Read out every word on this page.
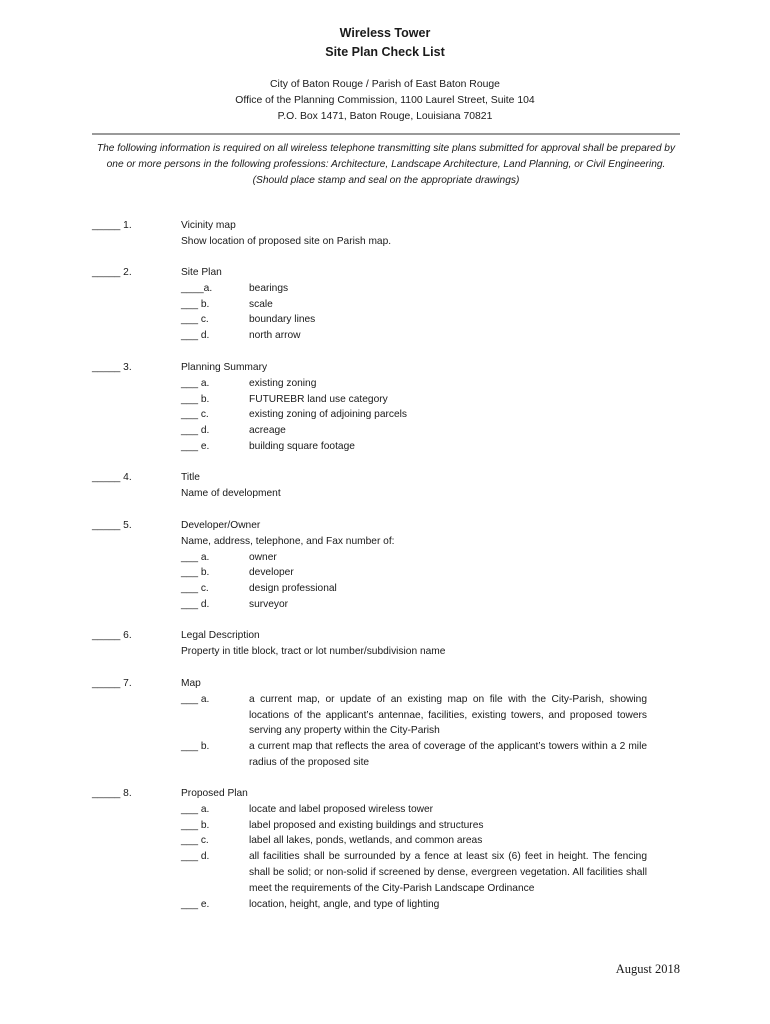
Wireless Tower
Site Plan Check List
City of Baton Rouge / Parish of East Baton Rouge
Office of the Planning Commission, 1100 Laurel Street, Suite 104
P.O. Box 1471, Baton Rouge, Louisiana 70821
The following information is required on all wireless telephone transmitting site plans submitted for approval shall be prepared by one or more persons in the following professions: Architecture, Landscape Architecture, Land Planning, or Civil Engineering.
(Should place stamp and seal on the appropriate drawings)
_____ 1.	Vicinity map
Show location of proposed site on Parish map.
_____ 2.	Site Plan
____a.	bearings
___ b.	scale
___ c.	boundary lines
___ d.	north arrow
_____ 3.	Planning Summary
___ a.	existing zoning
___ b.	FUTUREBR land use category
___ c.	existing zoning of adjoining parcels
___ d.	acreage
___ e.	building square footage
_____ 4.	Title
Name of development
_____ 5.	Developer/Owner
Name, address, telephone, and Fax number of:
___ a.	owner
___ b.	developer
___ c.	design professional
___ d.	surveyor
_____ 6.	Legal Description
Property in title block, tract or lot number/subdivision name
_____ 7.	Map
___ a.	a current map, or update of an existing map on file with the City-Parish, showing locations of the applicant’s antennae, facilities, existing towers, and proposed towers serving any property within the City-Parish
___ b.	a current map that reflects the area of coverage of the applicant’s towers within a 2 mile radius of the proposed site
_____ 8.	Proposed Plan
___ a.	locate and label proposed wireless tower
___ b.	label proposed and existing buildings and structures
___ c.	label all lakes, ponds, wetlands, and common areas
___ d.	all facilities shall be surrounded by a fence at least six (6) feet in height. The fencing shall be solid; or non-solid if screened by dense, evergreen vegetation. All facilities shall meet the requirements of the City-Parish Landscape Ordinance
___ e.	location, height, angle, and type of lighting
August 2018
